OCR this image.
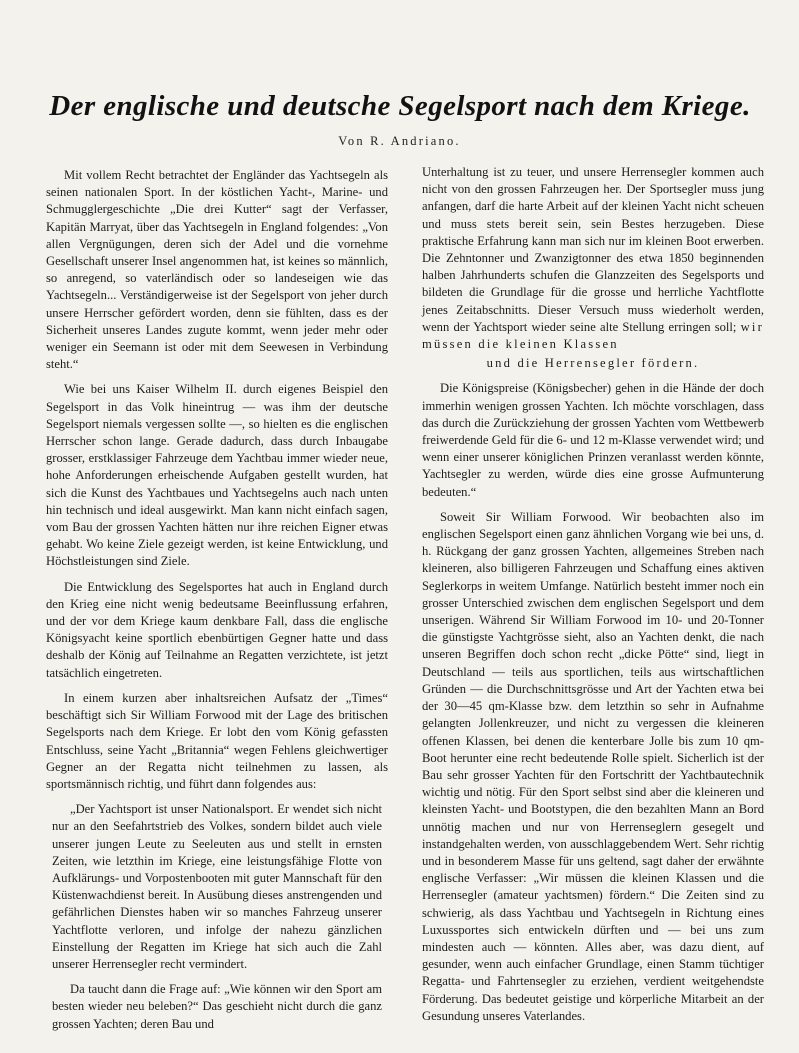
Der englische und deutsche Segelsport nach dem Kriege.
Von R. Andriano.

Mit vollem Recht betrachtet der Engländer das Yachtsegeln als seinen nationalen Sport. In der köstlichen Yacht-, Marine- und Schmugglergeschichte „Die drei Kutter“ sagt der Verfasser, Kapitän Marryat, über das Yachtsegeln in England folgendes: „Von allen Vergnügungen, deren sich der Adel und die vornehme Gesellschaft unserer Insel angenommen hat, ist keines so männlich, so anregend, so vaterländisch oder so landeseigen wie das Yachtsegeln... Verständigerweise ist der Segelsport von jeher durch unsere Herrscher gefördert worden, denn sie fühlten, dass es der Sicherheit unseres Landes zugute kommt, wenn jeder mehr oder weniger ein Seemann ist oder mit dem Seewesen in Verbindung steht.“

Wie bei uns Kaiser Wilhelm II. durch eigenes Beispiel den Segelsport in das Volk hineintrug — was ihm der deutsche Segelsport niemals vergessen sollte —, so hielten es die englischen Herrscher schon lange. Gerade dadurch, dass durch Inbaugabe grosser, erstklassiger Fahrzeuge dem Yachtbau immer wieder neue, hohe Anforderungen erheischende Aufgaben gestellt wurden, hat sich die Kunst des Yachtbaues und Yachtsegelns auch nach unten hin technisch und ideal ausgewirkt. Man kann nicht einfach sagen, vom Bau der grossen Yachten hätten nur ihre reichen Eigner etwas gehabt. Wo keine Ziele gezeigt werden, ist keine Entwicklung, und Höchstleistungen sind Ziele.

Die Entwicklung des Segelsportes hat auch in England durch den Krieg eine nicht wenig bedeutsame Beeinflussung erfahren, und der vor dem Kriege kaum denkbare Fall, dass die englische Königsyacht keine sportlich ebenbürtigen Gegner hatte und dass deshalb der König auf Teilnahme an Regatten verzichtete, ist jetzt tatsächlich eingetreten.

In einem kurzen aber inhaltsreichen Aufsatz der „Times“ beschäftigt sich Sir William Forwood mit der Lage des britischen Segelsports nach dem Kriege. Er lobt den vom König gefassten Entschluss, seine Yacht „Britannia“ wegen Fehlens gleichwertiger Gegner an der Regatta nicht teilnehmen zu lassen, als sportsmännisch richtig, und führt dann folgendes aus:

„Der Yachtsport ist unser Nationalsport. Er wendet sich nicht nur an den Seefahrtstrieb des Volkes, sondern bildet auch viele unserer jungen Leute zu Seeleuten aus und stellt in ernsten Zeiten, wie letzthin im Kriege, eine leistungsfähige Flotte von Aufklärungs- und Vorpostenbooten mit guter Mannschaft für den Küstenwachdienst bereit. In Ausübung dieses anstrengenden und gefährlichen Dienstes haben wir so manches Fahrzeug unserer Yachtflotte verloren, und infolge der nahezu gänzlichen Einstellung der Regatten im Kriege hat sich auch die Zahl unserer Herrensegler recht vermindert.

Da taucht dann die Frage auf: „Wie können wir den Sport am besten wieder neu beleben?“ Das geschieht nicht durch die ganz grossen Yachten; deren Bau und

Unterhaltung ist zu teuer, und unsere Herrensegler kommen auch nicht von den grossen Fahrzeugen her. Der Sportsegler muss jung anfangen, darf die harte Arbeit auf der kleinen Yacht nicht scheuen und muss stets bereit sein, sein Bestes herzugeben. Diese praktische Erfahrung kann man sich nur im kleinen Boot erwerben. Die Zehntonner und Zwanzigtonner des etwa 1850 beginnenden halben Jahrhunderts schufen die Glanzzeiten des Segelsports und bildeten die Grundlage für die grosse und herrliche Yachtflotte jenes Zeitabschnitts. Dieser Versuch muss wiederholt werden, wenn der Yachtsport wieder seine alte Stellung erringen soll; wir müssen die kleinen Klassen

und die Herrensegler fördern.

Die Königspreise (Königsbecher) gehen in die Hände der doch immerhin wenigen grossen Yachten. Ich möchte vorschlagen, dass das durch die Zurückziehung der grossen Yachten vom Wettbewerb freiwerdende Geld für die 6- und 12 m-Klasse verwendet wird; und wenn einer unserer königlichen Prinzen veranlasst werden könnte, Yachtsegler zu werden, würde dies eine grosse Aufmunterung bedeuten.“

Soweit Sir William Forwood. Wir beobachten also im englischen Segelsport einen ganz ähnlichen Vorgang wie bei uns, d. h. Rückgang der ganz grossen Yachten, allgemeines Streben nach kleineren, also billigeren Fahrzeugen und Schaffung eines aktiven Seglerkorps in weitem Umfange. Natürlich besteht immer noch ein grosser Unterschied zwischen dem englischen Segelsport und dem unserigen. Während Sir William Forwood im 10- und 20-Tonner die günstigste Yachtgrösse sieht, also an Yachten denkt, die nach unseren Begriffen doch schon recht „dicke Pötte“ sind, liegt in Deutschland — teils aus sportlichen, teils aus wirtschaftlichen Gründen — die Durchschnittsgrösse und Art der Yachten etwa bei der 30—45 qm-Klasse bzw. dem letzthin so sehr in Aufnahme gelangten Jollenkreuzer, und nicht zu vergessen die kleineren offenen Klassen, bei denen die kenterbare Jolle bis zum 10 qm-Boot herunter eine recht bedeutende Rolle spielt. Sicherlich ist der Bau sehr grosser Yachten für den Fortschritt der Yachtbautechnik wichtig und nötig. Für den Sport selbst sind aber die kleineren und kleinsten Yacht- und Bootstypen, die den bezahlten Mann an Bord unnötig machen und nur von Herrenseglern gesegelt und instandgehalten werden, von ausschlaggebendem Wert. Sehr richtig und in besonderem Masse für uns geltend, sagt daher der erwähnte englische Verfasser: „Wir müssen die kleinen Klassen und die Herrensegler (amateur yachtsmen) fördern.“ Die Zeiten sind zu schwierig, als dass Yachtbau und Yachtsegeln in Richtung eines Luxussportes sich entwickeln dürften und — bei uns zum mindesten auch — könnten. Alles aber, was dazu dient, auf gesunder, wenn auch einfacher Grundlage, einen Stamm tüchtiger Regatta- und Fahrtensegler zu erziehen, verdient weitgehendste Förderung. Das bedeutet geistige und körperliche Mitarbeit an der Gesundung unseres Vaterlandes.
